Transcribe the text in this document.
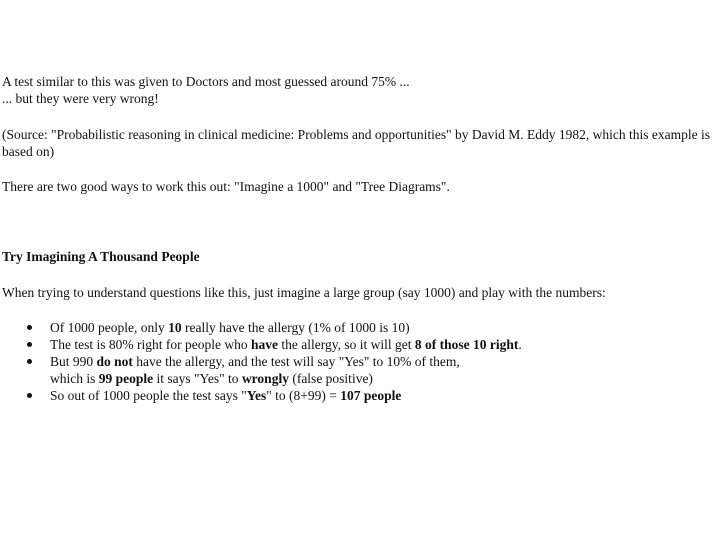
A test similar to this was given to Doctors and most guessed around 75% ...
... but they were very wrong!
(Source: "Probabilistic reasoning in clinical medicine: Problems and opportunities" by David M. Eddy 1982, which this example is
based on)
There are two good ways to work this out: "Imagine a 1000" and "Tree Diagrams".
Try Imagining A Thousand People
When trying to understand questions like this, just imagine a large group (say 1000) and play with the numbers:
Of 1000 people, only 10 really have the allergy (1% of 1000 is 10)
The test is 80% right for people who have the allergy, so it will get 8 of those 10 right.
But 990 do not have the allergy, and the test will say "Yes" to 10% of them,
which is 99 people it says "Yes" to wrongly (false positive)
So out of 1000 people the test says "Yes" to (8+99) = 107 people
